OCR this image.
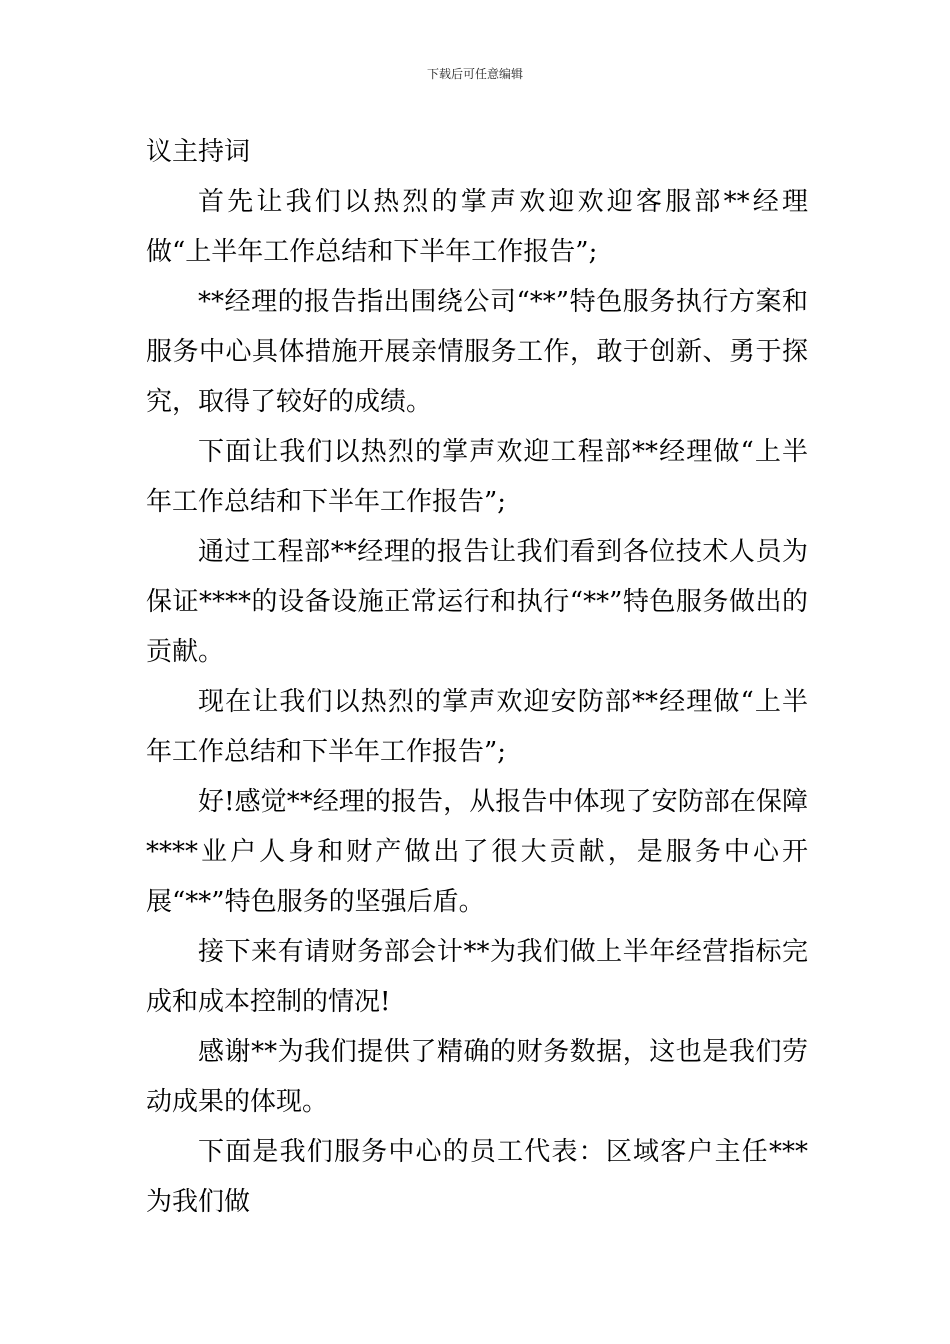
下载后可任意编辑

议主持词

首先让我们以热烈的掌声欢迎欢迎客服部**经理做“上半年工作总结和下半年工作报告”;

**经理的报告指出围绕公司“**”特色服务执行方案和服务中心具体措施开展亲情服务工作，敢于创新、勇于探究，取得了较好的成绩。

下面让我们以热烈的掌声欢迎工程部**经理做“上半年工作总结和下半年工作报告”;

通过工程部**经理的报告让我们看到各位技术人员为保证****的设备设施正常运行和执行“**”特色服务做出的贡献。

现在让我们以热烈的掌声欢迎安防部**经理做“上半年工作总结和下半年工作报告”;

好!感觉**经理的报告，从报告中体现了安防部在保障****业户人身和财产做出了很大贡献，是服务中心开展“**”特色服务的坚强后盾。

接下来有请财务部会计**为我们做上半年经营指标完成和成本控制的情况!

感谢**为我们提供了精确的财务数据，这也是我们劳动成果的体现。

下面是我们服务中心的员工代表：区域客户主任***为我们做
